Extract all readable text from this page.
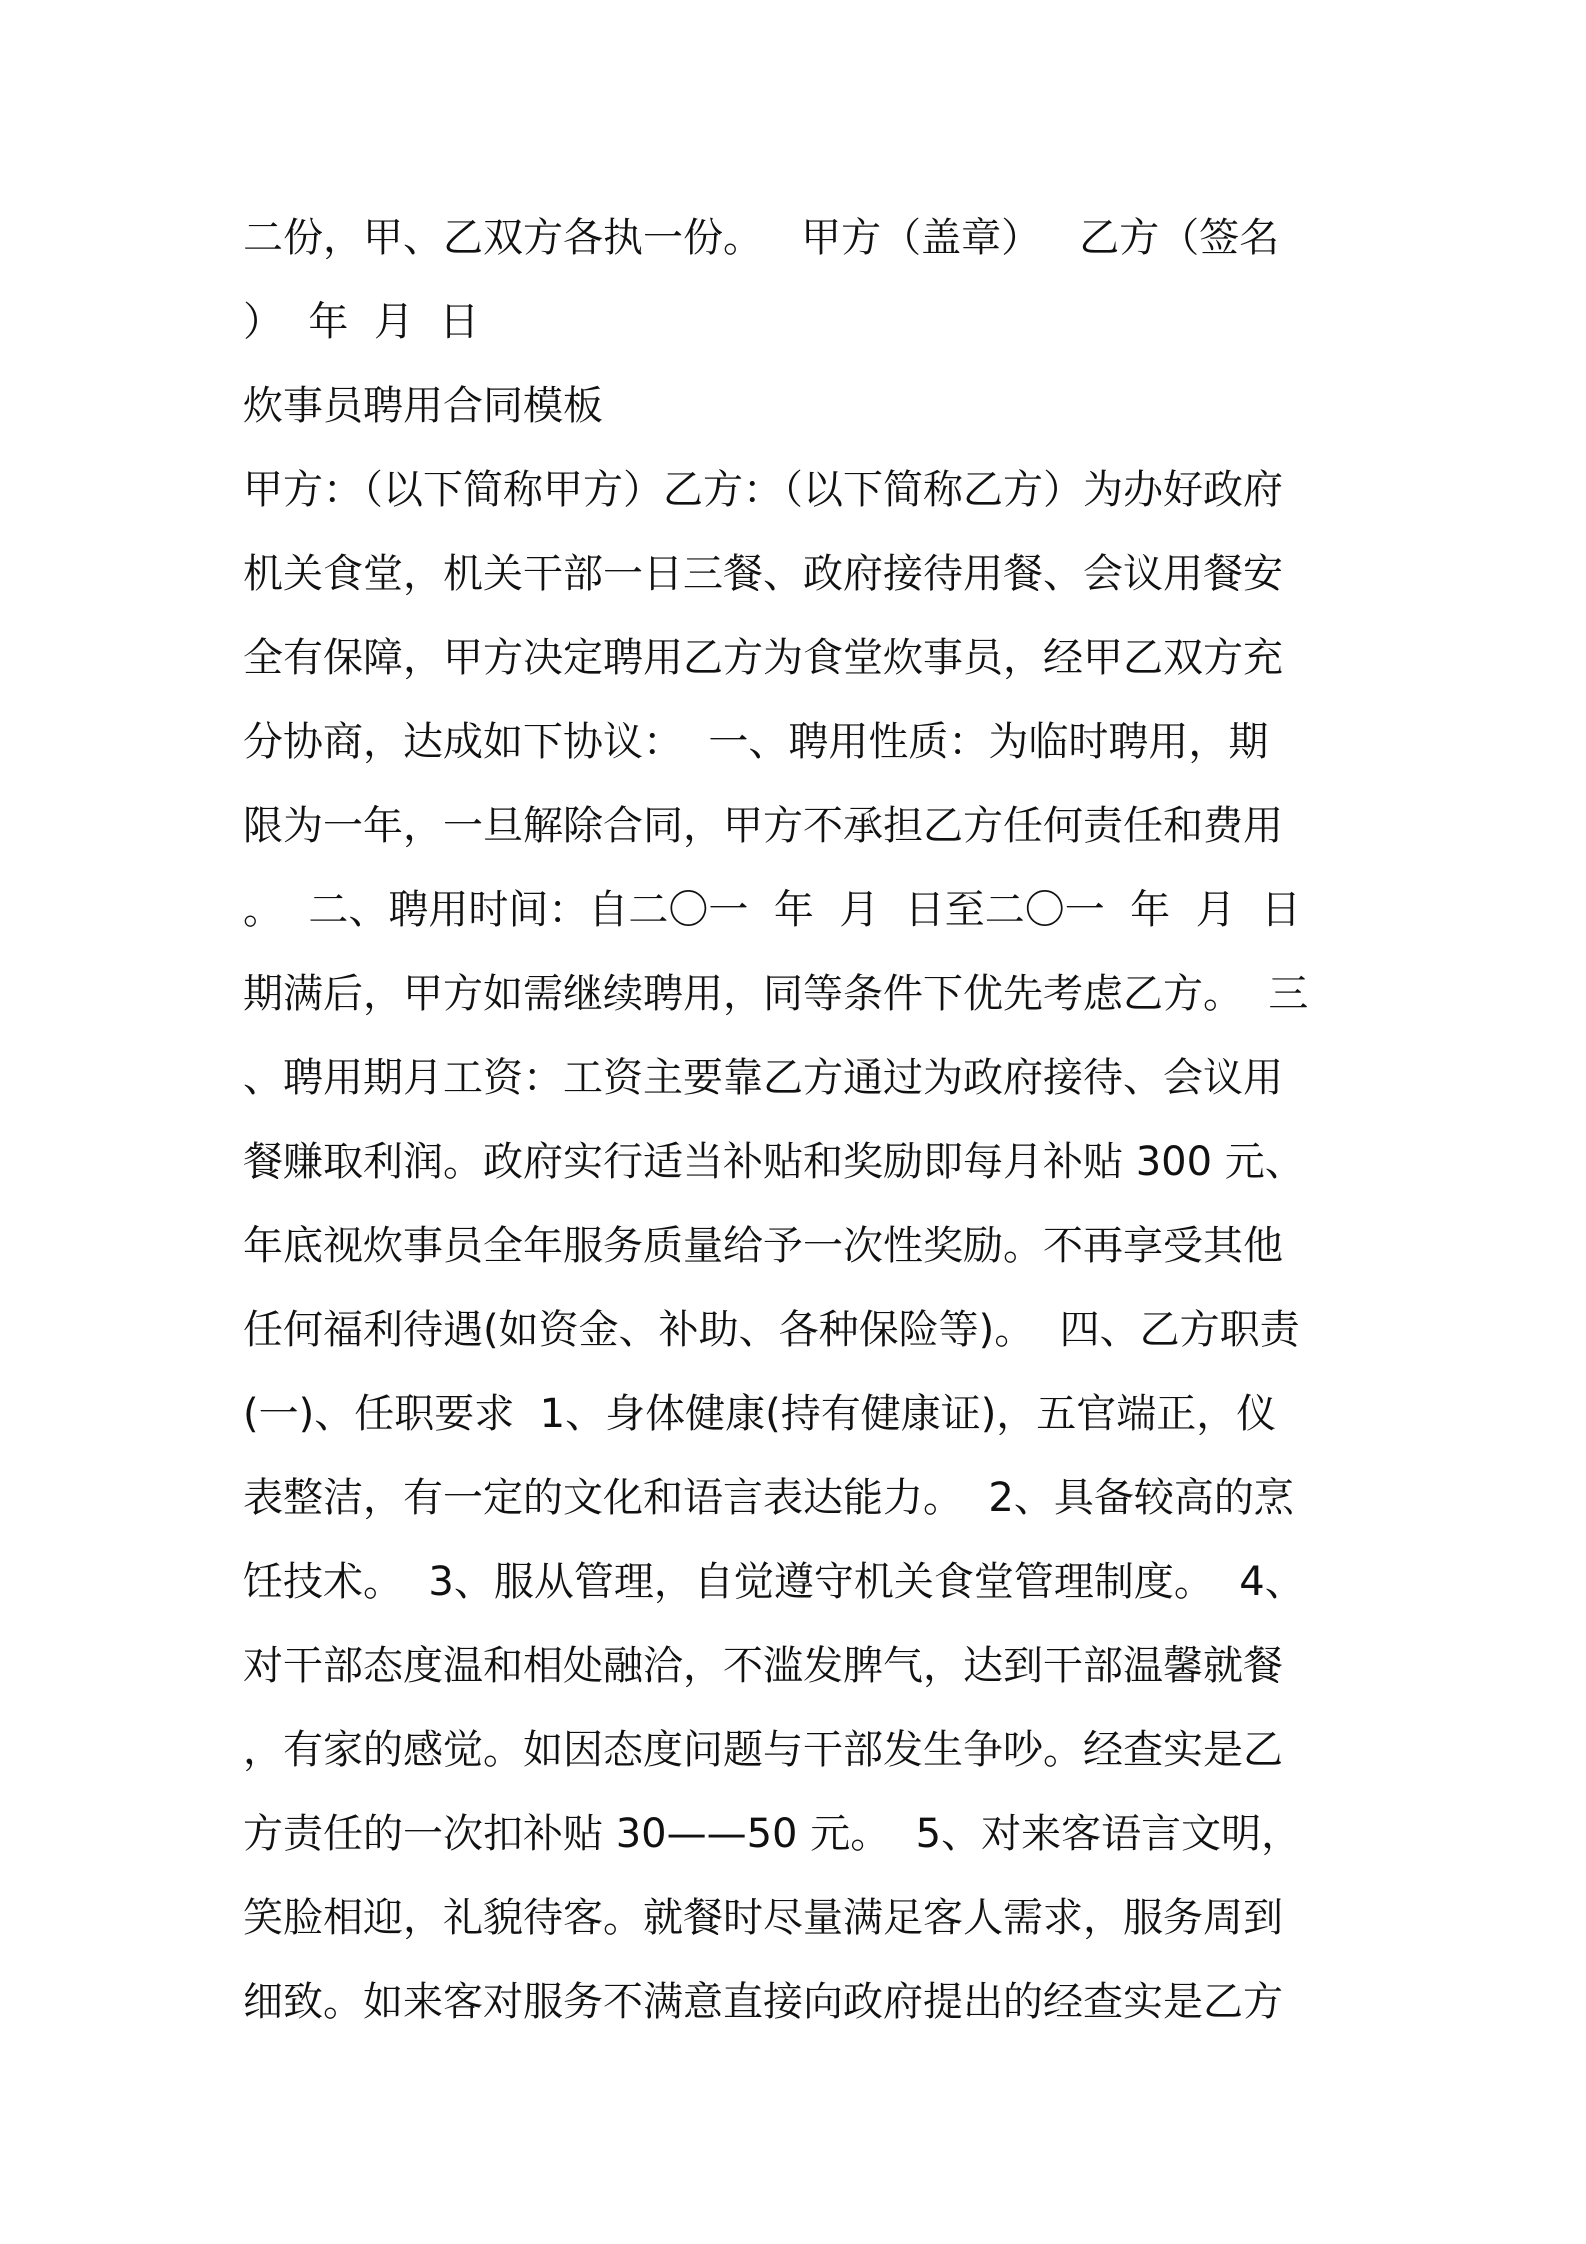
二份，甲、乙双方各执一份。   甲方（盖章）   乙方（签名
）  年  月  日
炊事员聘用合同模板
甲方：（以下简称甲方）乙方：（以下简称乙方）为办好政府
机关食堂，机关干部一日三餐、政府接待用餐、会议用餐安
全有保障，甲方决定聘用乙方为食堂炊事员，经甲乙双方充
分协商，达成如下协议：  一、聘用性质：为临时聘用，期
限为一年，一旦解除合同，甲方不承担乙方任何责任和费用
。  二、聘用时间：自二〇一  年  月  日至二〇一  年  月  日
期满后，甲方如需继续聘用，同等条件下优先考虑乙方。  三
、聘用期月工资：工资主要靠乙方通过为政府接待、会议用
餐赚取利润。政府实行适当补贴和奖励即每月补贴 300 元、
年底视炊事员全年服务质量给予一次性奖励。不再享受其他
任何福利待遇(如资金、补助、各种保险等)。  四、乙方职责
(一)、任职要求  1、身体健康(持有健康证)，五官端正，仪
表整洁，有一定的文化和语言表达能力。  2、具备较高的烹
饪技术。  3、服从管理，自觉遵守机关食堂管理制度。  4、
对干部态度温和相处融洽，不滥发脾气，达到干部温馨就餐
，有家的感觉。如因态度问题与干部发生争吵。经查实是乙
方责任的一次扣补贴 30——50 元。  5、对来客语言文明，
笑脸相迎，礼貌待客。就餐时尽量满足客人需求，服务周到
细致。如来客对服务不满意直接向政府提出的经查实是乙方
